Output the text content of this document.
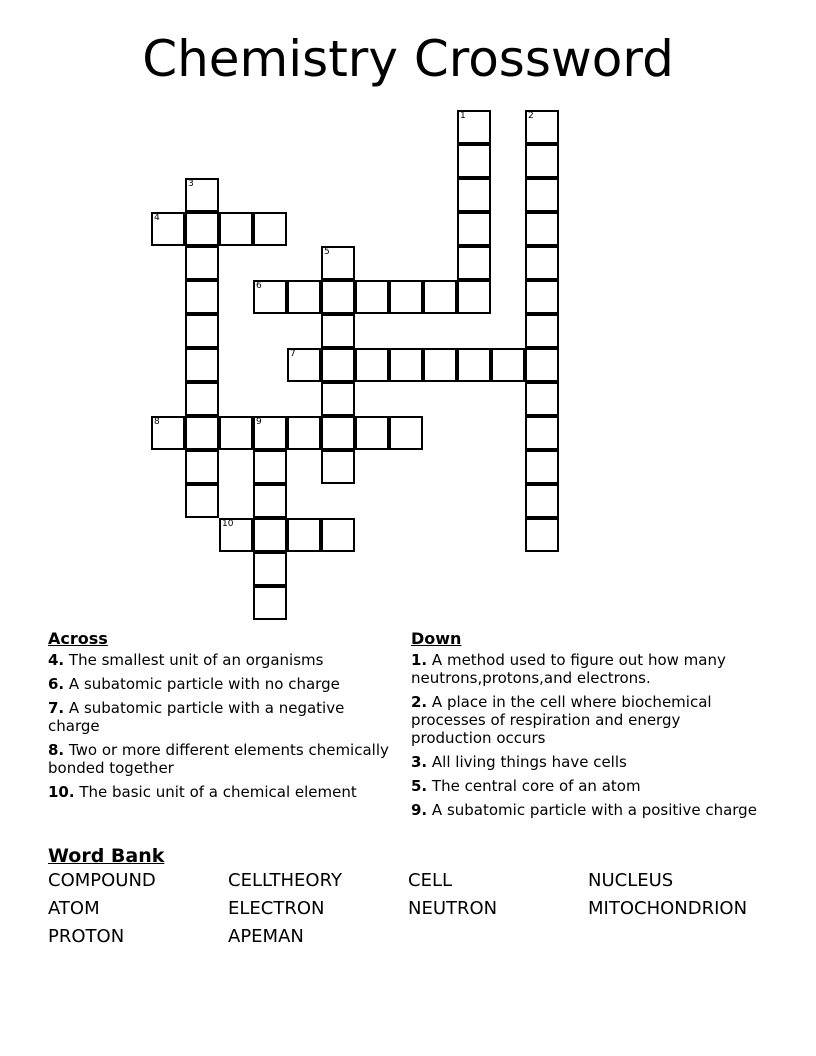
Chemistry Crossword
1	2
3
4
5
6
7
8	9
10
Across
4. The smallest unit of an organisms
6. A subatomic particle with no charge
7. A subatomic particle with a negative charge
8. Two or more different elements chemically bonded together
10. The basic unit of a chemical element
Down
1. A method used to figure out how many neutrons,protons,and electrons.
2. A place in the cell where biochemical processes of respiration and energy production occurs
3. All living things have cells
5. The central core of an atom
9. A subatomic particle with a positive charge
Word Bank
COMPOUND	CELLTHEORY	CELL	NUCLEUS
ATOM	ELECTRON	NEUTRON	MITOCHONDRION
PROTON	APEMAN
